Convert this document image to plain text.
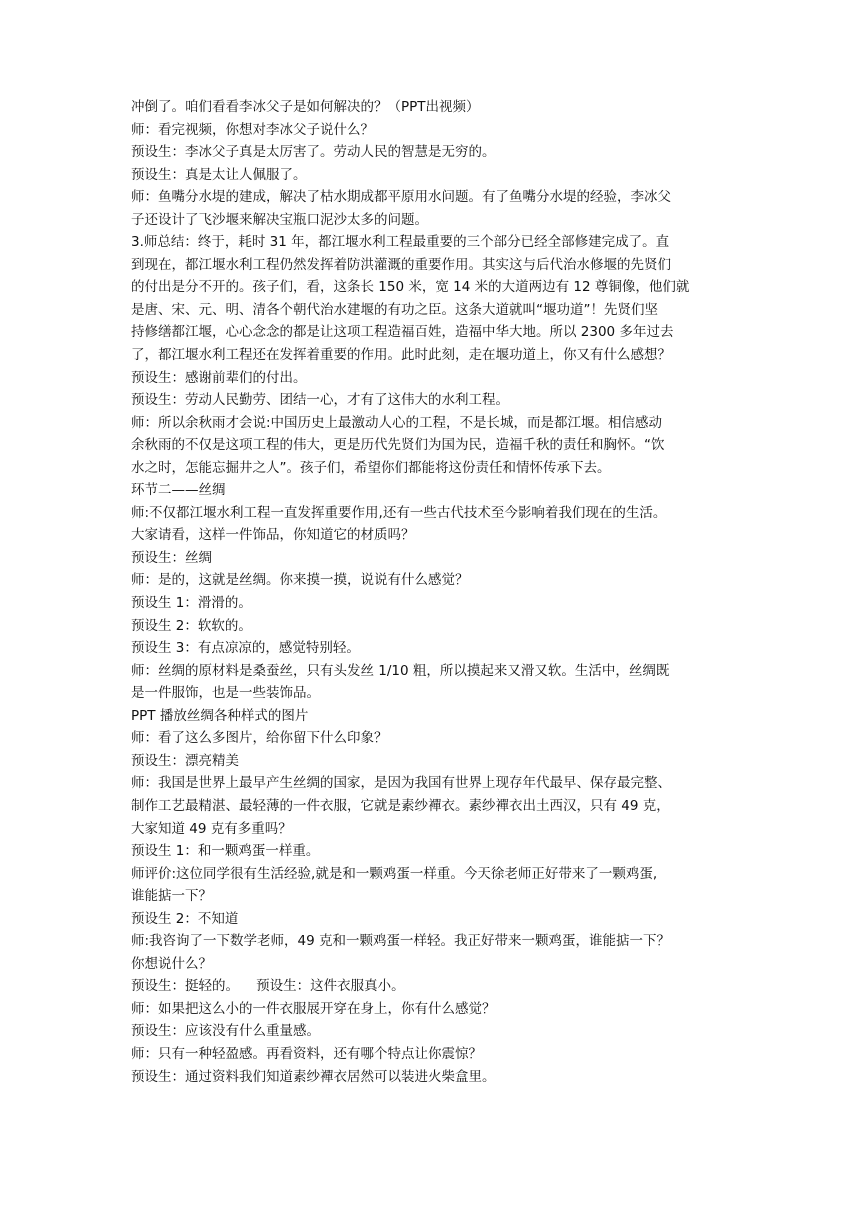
冲倒了。咱们看看李冰父子是如何解决的？（PPT出视频）
师：看完视频，你想对李冰父子说什么？
预设生：李冰父子真是太厉害了。劳动人民的智慧是无穷的。
预设生：真是太让人佩服了。
师：鱼嘴分水堤的建成，解决了枯水期成都平原用水问题。有了鱼嘴分水堤的经验，李冰父
子还设计了飞沙堰来解决宝瓶口泥沙太多的问题。
3.师总结：终于，耗时 31 年，都江堰水利工程最重要的三个部分已经全部修建完成了。直
到现在，都江堰水利工程仍然发挥着防洪灌溉的重要作用。其实这与后代治水修堰的先贤们
的付出是分不开的。孩子们，看，这条长 150 米，宽 14 米的大道两边有 12 尊铜像，他们就
是唐、宋、元、明、清各个朝代治水建堰的有功之臣。这条大道就叫“堰功道”！先贤们坚
持修缮都江堰，心心念念的都是让这项工程造福百姓，造福中华大地。所以 2300 多年过去
了，都江堰水利工程还在发挥着重要的作用。此时此刻，走在堰功道上，你又有什么感想？
预设生：感谢前辈们的付出。
预设生：劳动人民勤劳、团结一心，才有了这伟大的水利工程。
师：所以余秋雨才会说:中国历史上最激动人心的工程，不是长城，而是都江堰。相信感动
余秋雨的不仅是这项工程的伟大，更是历代先贤们为国为民，造福千秋的责任和胸怀。“饮
水之时，怎能忘掘井之人”。孩子们，希望你们都能将这份责任和情怀传承下去。
环节二——丝绸
师:不仅都江堰水利工程一直发挥重要作用,还有一些古代技术至今影响着我们现在的生活。
大家请看，这样一件饰品，你知道它的材质吗？
预设生：丝绸
师：是的，这就是丝绸。你来摸一摸，说说有什么感觉？
预设生 1：滑滑的。
预设生 2：软软的。
预设生 3：有点凉凉的，感觉特别轻。
师：丝绸的原材料是桑蚕丝，只有头发丝 1/10 粗，所以摸起来又滑又软。生活中，丝绸既
是一件服饰，也是一些装饰品。
PPT 播放丝绸各种样式的图片
师：看了这么多图片，给你留下什么印象？
预设生：漂亮精美
师：我国是世界上最早产生丝绸的国家，是因为我国有世界上现存年代最早、保存最完整、
制作工艺最精湛、最轻薄的一件衣服，它就是素纱襌衣。素纱襌衣出土西汉，只有 49 克，
大家知道 49 克有多重吗？
预设生 1：和一颗鸡蛋一样重。
师评价:这位同学很有生活经验,就是和一颗鸡蛋一样重。今天徐老师正好带来了一颗鸡蛋,
谁能掂一下？
预设生 2：不知道
师:我咨询了一下数学老师，49 克和一颗鸡蛋一样轻。我正好带来一颗鸡蛋，谁能掂一下？
你想说什么？
预设生：挺轻的。    预设生：这件衣服真小。
师：如果把这么小的一件衣服展开穿在身上，你有什么感觉？
预设生：应该没有什么重量感。
师：只有一种轻盈感。再看资料，还有哪个特点让你震惊？
预设生：通过资料我们知道素纱襌衣居然可以装进火柴盒里。
